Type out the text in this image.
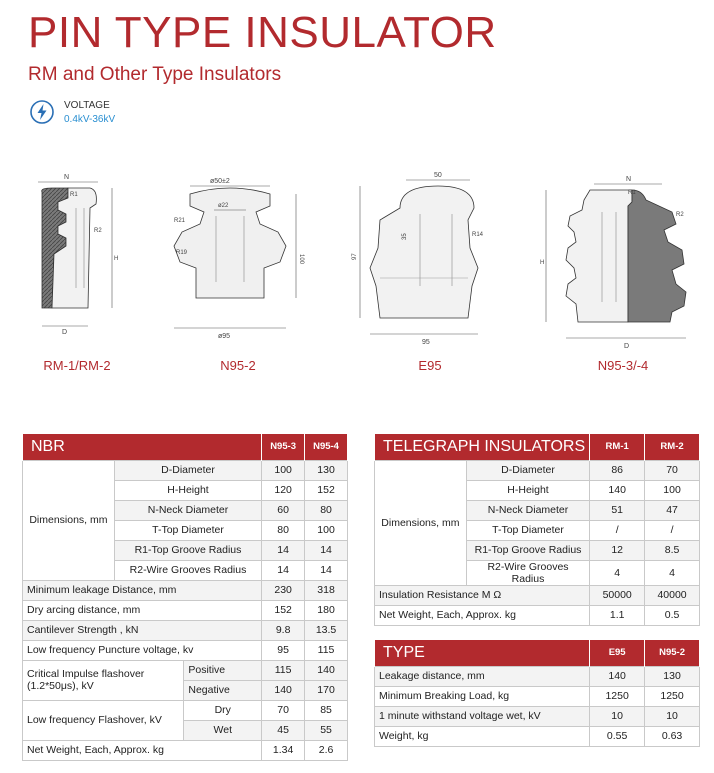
PIN TYPE INSULATOR
RM and Other Type Insulators
VOLTAGE
0.4kV-36kV
N
R1
R2
H
D
RM-1/RM-2
ø50±2
ø22
R21
R19
100
ø95
N95-2
50
35	R14
97
95
E95
N
R1
R2
H
D
N95-3/-4
NBR			N95-3	N95-4
Dimensions, mm	D-Diameter		100	130
	H-Height		120	152
	N-Neck Diameter		60	80
	T-Top Diameter		80	100
	R1-Top Groove Radius		14	14
	R2-Wire Grooves Radius		14	14
Minimum leakage Distance, mm			230	318
Dry arcing distance, mm			152	180
Cantilever Strength , kN			9.8	13.5
Low frequency Puncture voltage, kv			95	115
Critical Impulse flashover (1.2*50μs), kV		Positive	115	140
		Negative	140	170
Low frequency Flashover, kV		Dry	70	85
		Wet	45	55
Net Weight, Each, Approx. kg			1.34	2.6
TELEGRAPH INSULATORS		RM-1	RM-2
Dimensions, mm	D-Diameter	86	70
	H-Height	140	100
	N-Neck Diameter	51	47
	T-Top Diameter	/	/
	R1-Top Groove Radius	12	8.5
	R2-Wire Grooves Radius	4	4
Insulation Resistance M Ω		50000	40000
Net Weight, Each, Approx. kg		1.1	0.5
TYPE	E95	N95-2
Leakage distance, mm	140	130
Minimum Breaking Load, kg	1250	1250
1 minute withstand voltage wet, kV	10	10
Weight, kg	0.55	0.63
